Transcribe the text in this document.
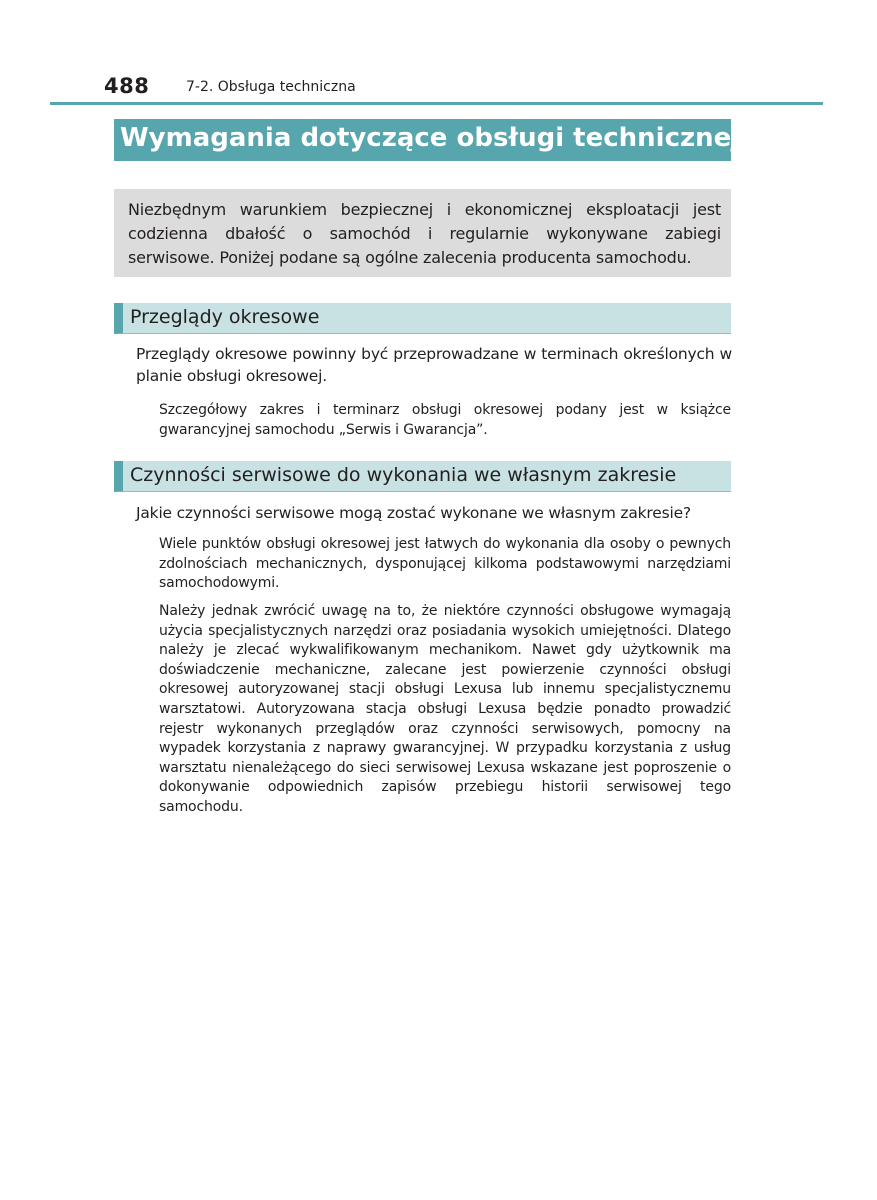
488	7-2. Obsługa techniczna
Wymagania dotyczące obsługi technicznej

Niezbędnym warunkiem bezpiecznej i ekonomicznej eksploatacji jest codzienna dbałość o samochód i regularnie wykonywane zabiegi serwisowe. Poniżej podane są ogólne zalecenia producenta samochodu.

Przeglądy okresowe

Przeglądy okresowe powinny być przeprowadzane w terminach określonych w planie obsługi okresowej.

Szczegółowy zakres i terminarz obsługi okresowej podany jest w książce gwarancyjnej samochodu „Serwis i Gwarancja”.

Czynności serwisowe do wykonania we własnym zakresie

Jakie czynności serwisowe mogą zostać wykonane we własnym zakresie?

Wiele punktów obsługi okresowej jest łatwych do wykonania dla osoby o pewnych zdolnościach mechanicznych, dysponującej kilkoma podstawowymi narzędziami samochodowymi.

Należy jednak zwrócić uwagę na to, że niektóre czynności obsługowe wymagają użycia specjalistycznych narzędzi oraz posiadania wysokich umiejętności. Dlatego należy je zlecać wykwalifikowanym mechanikom. Nawet gdy użytkownik ma doświadczenie mechaniczne, zalecane jest powierzenie czynności obsługi okresowej autoryzowanej stacji obsługi Lexusa lub innemu specjalistycznemu warsztatowi. Autoryzowana stacja obsługi Lexusa będzie ponadto prowadzić rejestr wykonanych przeglądów oraz czynności serwisowych, pomocny na wypadek korzystania z naprawy gwarancyjnej. W przypadku korzystania z usług warsztatu nienależącego do sieci serwisowej Lexusa wskazane jest poproszenie o dokonywanie odpowiednich zapisów przebiegu historii serwisowej tego samochodu.
